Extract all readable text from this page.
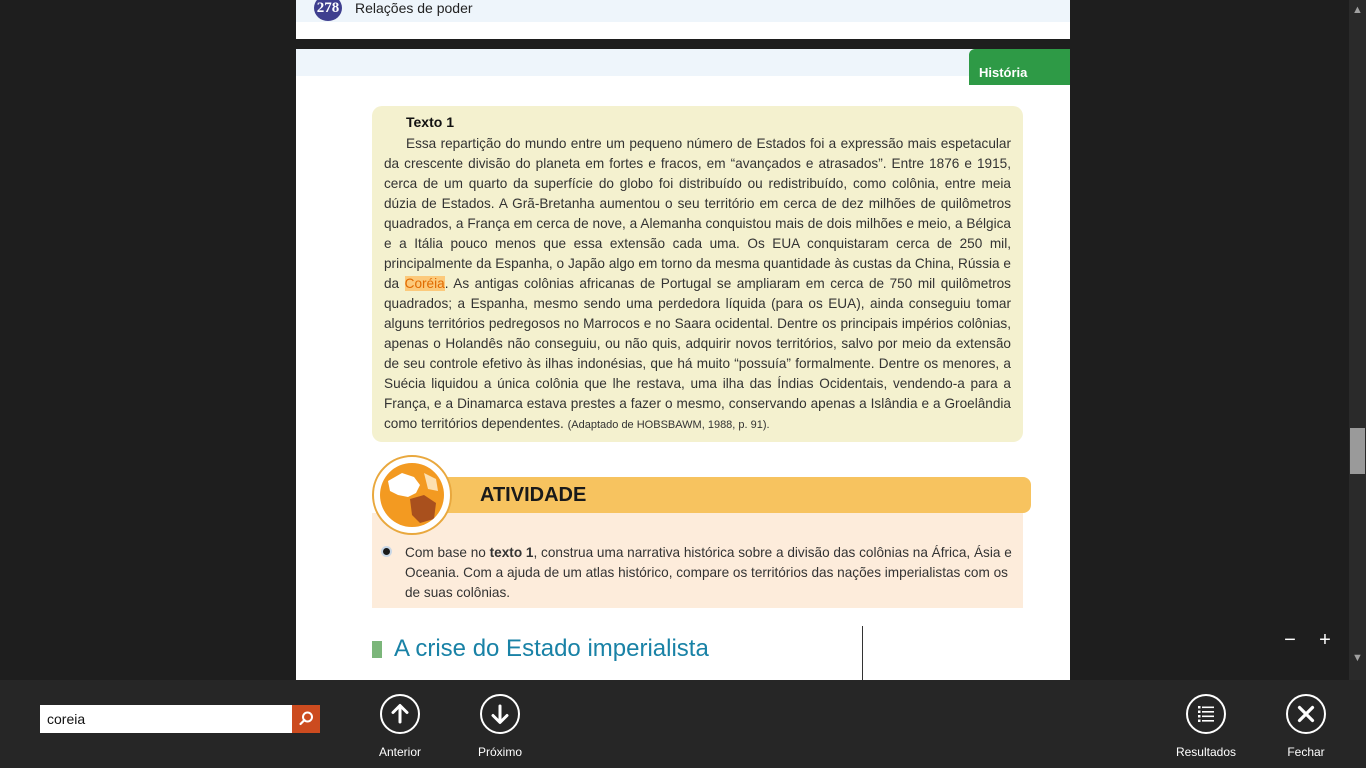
278 Relações de poder
História
Texto 1

Essa repartição do mundo entre um pequeno número de Estados foi a expressão mais espetacular da crescente divisão do planeta em fortes e fracos, em “avançados e atrasados”. Entre 1876 e 1915, cerca de um quarto da superfície do globo foi distribuído ou redistribuído, como colônia, entre meia dúzia de Estados. A Grã-Bretanha aumentou o seu território em cerca de dez milhões de quilômetros quadrados, a França em cerca de nove, a Alemanha conquistou mais de dois milhões e meio, a Bélgica e a Itália pouco menos que essa extensão cada uma. Os EUA conquistaram cerca de 250 mil, principalmente da Espanha, o Japão algo em torno da mesma quantidade às custas da China, Rússia e da Coréia. As antigas colônias africanas de Portugal se ampliaram em cerca de 750 mil quilômetros quadrados; a Espanha, mesmo sendo uma perdedora líquida (para os EUA), ainda conseguiu tomar alguns territórios pedregosos no Marrocos e no Saara ocidental. Dentre os principais impérios colônias, apenas o Holandês não conseguiu, ou não quis, adquirir novos territórios, salvo por meio da extensão de seu controle efetivo às ilhas indonésias, que há muito “possuía” formalmente. Dentre os menores, a Suécia liquidou a única colônia que lhe restava, uma ilha das Índias Ocidentais, vendendo-a para a França, e a Dinamarca estava prestes a fazer o mesmo, conservando apenas a Islândia e a Groelândia como territórios dependentes. (Adaptado de HOBSBAWM, 1988, p. 91).

ATIVIDADE
Com base no texto 1, construa uma narrativa histórica sobre a divisão das colônias na África, Ásia e Oceania. Com a ajuda de um atlas histórico, compare os territórios das nações imperialistas com os de suas colônias.
A crise do Estado imperialista	−	+
▲
▼
coreia
Anterior	Próximo	Resultados	Fechar
